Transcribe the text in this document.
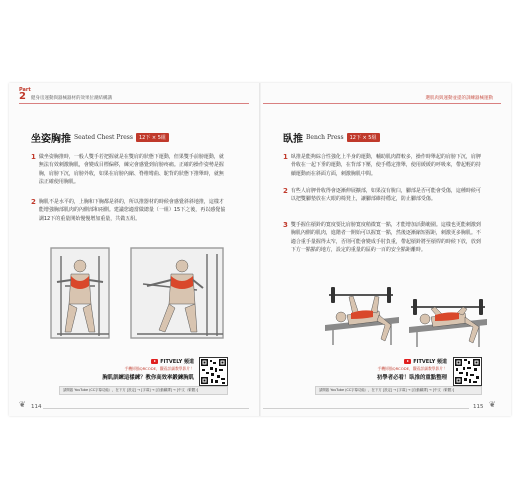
Part
2 健身房運動與器械器材的效果位潮結構講
坐姿胸推 Seated Chest Press	12下 × 5組
1 做坐姿胸推時，一般人雙手若把握就是在雙肩的狀態下運動，但果雙手前膀運動，就無法有效刺激胸肌，會變成目標偏移，練完會感覺到肩膀疼痛。正確的操作姿勢是握胸，肩膀下沉，肩膀外收，如果在肩膀內縮、脊椎彎曲、駝背的狀態下推舉時，就無法正確使用胸肌。
2 胸肌不是水平的，上胸和下胸都是斜的，所以推器材的時候會感覺斜斜地推，這樣才能增強胸部肌肉的內側部和兩側。建議您適當做總量（一組）15下之後，再以感覺協調12下的重量開始慢慢增加重量，共做五組。
FITVELY 頻道
手機掃描QRCODE，觀看詳細教學影片！
胸肌訓練這樣練？教你高效率鍛鍊胸肌
請開啟 YouTube (CC字幕功能），在下方 [設定] → [字幕] → [自動翻譯] → [中文（繁體）]
❦ 114
選肌肉與運動並提的訓練器械運動
臥推 Bench Press	12下 × 5組
1 臥推是能夠綜合性強化上半身的運動，輔助肌肉群較多，操作時舉起的肩膀下沉，肩胛骨收在一起下垂的運動，在背部下壓，使手穩定推舉，使用緩緩的呼吸來，帶起輕的持續運動而在斜面方面，刺激胸肌中間。
2 有些人肩胛骨收得會逐漸伸展擴部，如果沒有脫臼，腳部是否可能會受傷，這種時候可以把雙腳墊放在大眼的椅凳上，讓腳部維持穩定，防止腳部受傷。
3 雙手握住槓鈴的寬度要比肩膀寬度稍微寬一點，才能增加活動範圍。這樣也更能刺激到胸肌內側的肌肉，進階者一開始可以握寬一點，然後逐漸縮短握距，刺激更多胸肌。不適合重手量握得太窄，否則可能會變成手肘負重，帶起槓鈴將至槓桿的時候下放，放到下方一點點的地方，設定的重量的區約一百的安全點距離時。
FITVELY 頻道
手機掃描QRCODE，觀看詳細教學影片！
初學者必看！臥推的重點整理
請開啟 YouTube (CC字幕功能），在下方 [設定] → [字幕] → [自動翻譯] → [中文（繁體）]
115 ❦
